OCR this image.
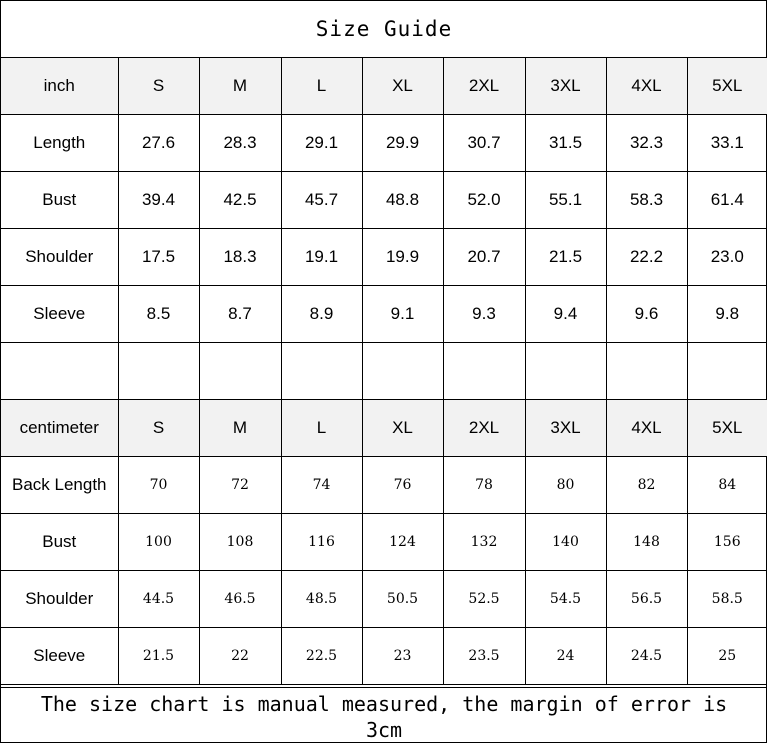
Size Guide
inch	S	M	L	XL	2XL	3XL	4XL	5XL
Length	27.6	28.3	29.1	29.9	30.7	31.5	32.3	33.1
Bust	39.4	42.5	45.7	48.8	52.0	55.1	58.3	61.4
Shoulder	17.5	18.3	19.1	19.9	20.7	21.5	22.2	23.0
Sleeve	8.5	8.7	8.9	9.1	9.3	9.4	9.6	9.8

centimeter	S	M	L	XL	2XL	3XL	4XL	5XL
Back Length	70	72	74	76	78	80	82	84
Bust	100	108	116	124	132	140	148	156
Shoulder	44.5	46.5	48.5	50.5	52.5	54.5	56.5	58.5
Sleeve	21.5	22	22.5	23	23.5	24	24.5	25
The size chart is manual measured, the margin of error is
3cm
